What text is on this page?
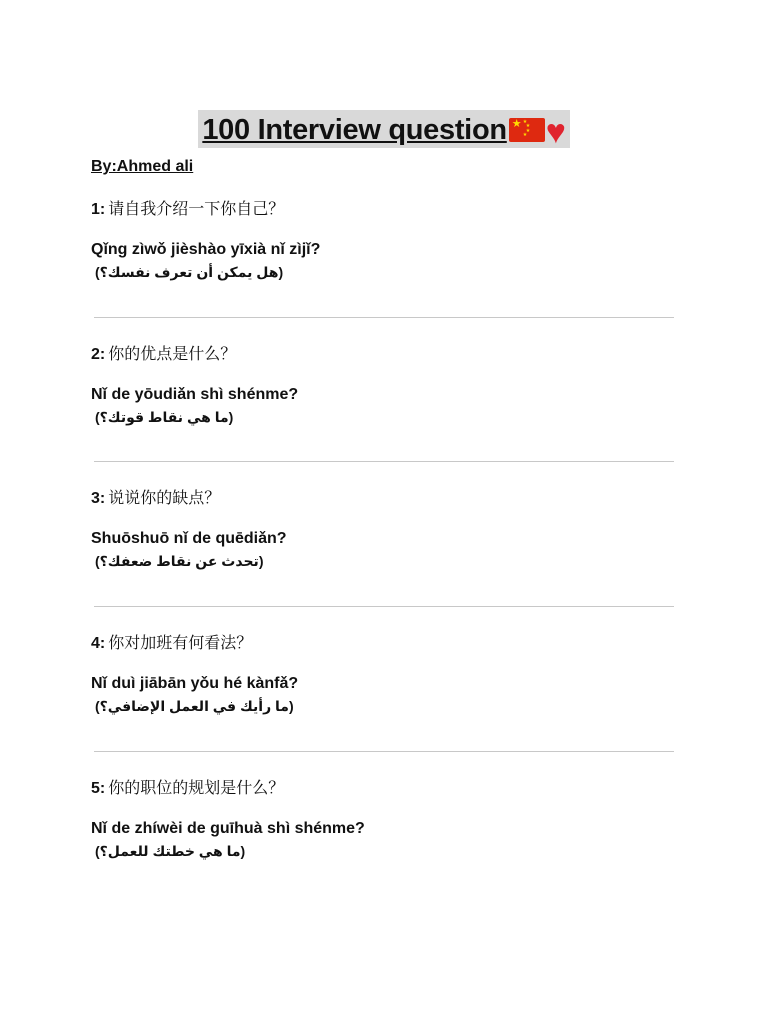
100 Interview question ★ ★
★
★
★ ♥
By:Ahmed ali
1: 请自我介绍一下你自己？
Qǐng zìwǒ jièshào yīxià nǐ zìjǐ?
(هل يمكن أن تعرف نفسك؟)
2: 你的优点是什么？
Nǐ de yōudiǎn shì shénme?
(ما هي نقاط قوتك؟)
3: 说说你的缺点？
Shuōshuō nǐ de quēdiǎn?
(تحدث عن نقاط ضعفك؟)
4: 你对加班有何看法？
Nǐ duì jiābān yǒu hé kànfǎ?
(ما رأيك في العمل الإضافي؟)
5: 你的职位的规划是什么？
Nǐ de zhíwèi de guīhuà shì shénme?
(ما هي خطتك للعمل؟)
